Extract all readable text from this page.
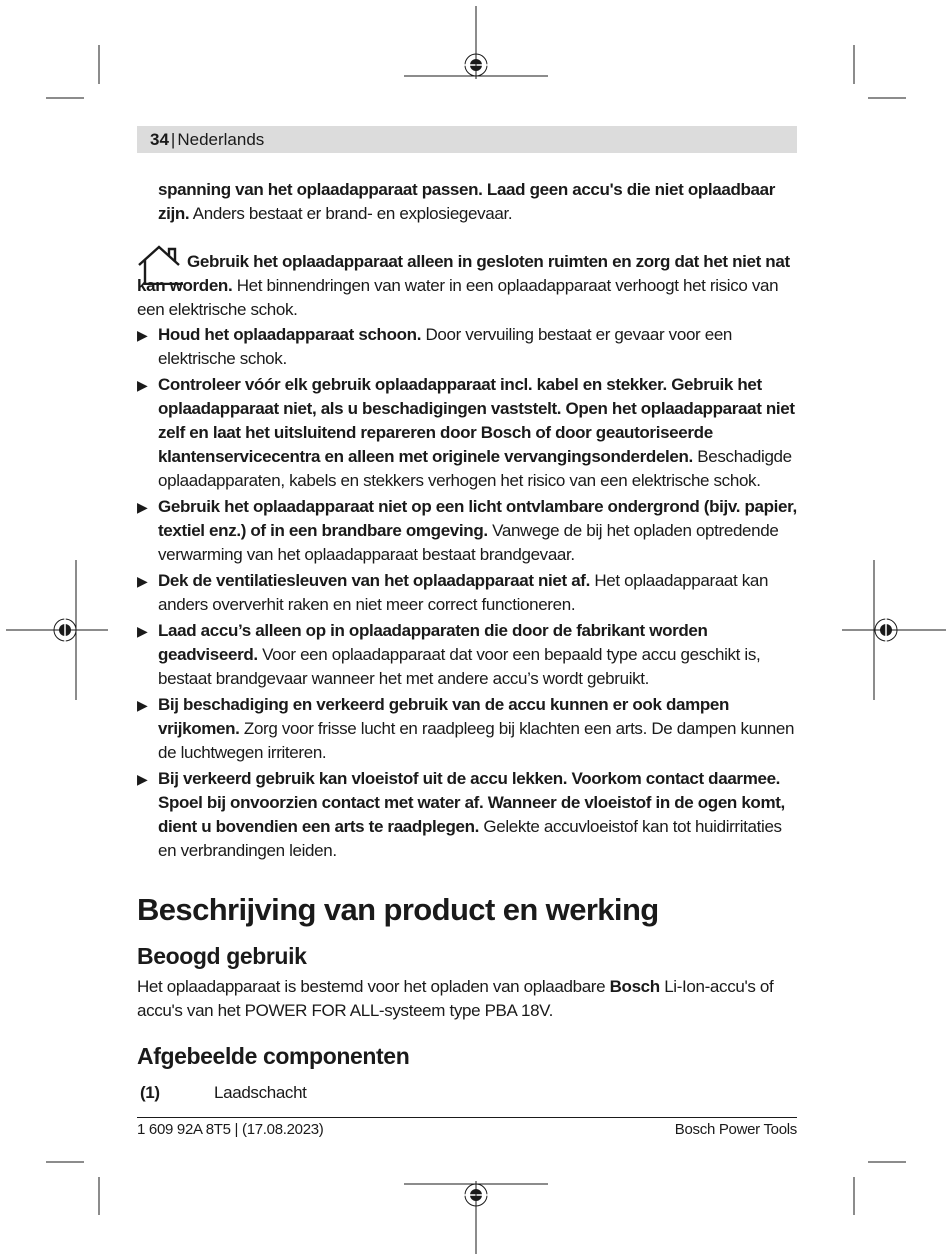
34 | Nederlands

spanning van het oplaadapparaat passen. Laad geen accu's die niet oplaadbaar zijn. Anders bestaat er brand- en explosiegevaar.

Gebruik het oplaadapparaat alleen in gesloten ruimten en zorg dat het niet nat kan worden. Het binnendringen van water in een oplaadapparaat verhoogt het risico van een elektrische schok.

▶ Houd het oplaadapparaat schoon. Door vervuiling bestaat er gevaar voor een elektrische schok.
▶ Controleer vóór elk gebruik oplaadapparaat incl. kabel en stekker. Gebruik het oplaadapparaat niet, als u beschadigingen vaststelt. Open het oplaadapparaat niet zelf en laat het uitsluitend repareren door Bosch of door geautoriseerde klantenservicecentra en alleen met originele vervangingsonderdelen. Beschadigde oplaadapparaten, kabels en stekkers verhogen het risico van een elektrische schok.
▶ Gebruik het oplaadapparaat niet op een licht ontvlambare ondergrond (bijv. papier, textiel enz.) of in een brandbare omgeving. Vanwege de bij het opladen optredende verwarming van het oplaadapparaat bestaat brandgevaar.
▶ Dek de ventilatiesleuven van het oplaadapparaat niet af. Het oplaadapparaat kan anders oververhit raken en niet meer correct functioneren.
▶ Laad accu’s alleen op in oplaadapparaten die door de fabrikant worden geadviseerd. Voor een oplaadapparaat dat voor een bepaald type accu geschikt is, bestaat brandgevaar wanneer het met andere accu’s wordt gebruikt.
▶ Bij beschadiging en verkeerd gebruik van de accu kunnen er ook dampen vrijkomen. Zorg voor frisse lucht en raadpleeg bij klachten een arts. De dampen kunnen de luchtwegen irriteren.
▶ Bij verkeerd gebruik kan vloeistof uit de accu lekken. Voorkom contact daarmee. Spoel bij onvoorzien contact met water af. Wanneer de vloeistof in de ogen komt, dient u bovendien een arts te raadplegen. Gelekte accuvloeistof kan tot huidirritaties en verbrandingen leiden.
Beschrijving van product en werking
Beoogd gebruik

Het oplaadapparaat is bestemd voor het opladen van oplaadbare Bosch Li-Ion-accu's of accu's van het POWER FOR ALL-systeem type PBA 18V.

Afgebeelde componenten
(1)	Laadschacht
1 609 92A 8T5 | (17.08.2023)	Bosch Power Tools
